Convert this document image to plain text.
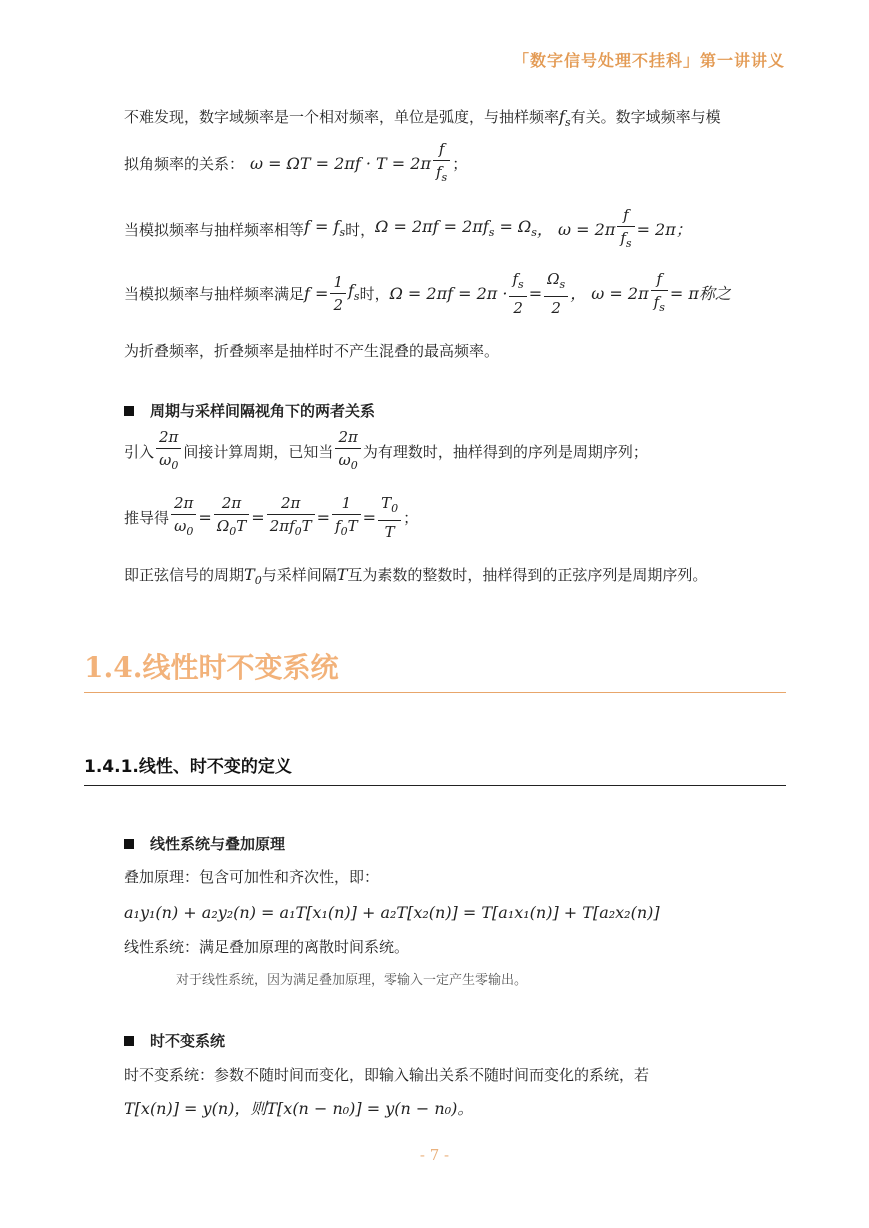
「数字信号处理不挂科」第一讲讲义

不难发现，数字域频率是一个相对频率，单位是弧度，与抽样频率$f_s$有关。数字域频率与模

拟角频率的关系： $\omega = \Omega T = 2\pi f \cdot T = 2\pi \frac{f}{f_s}$ ；

当模拟频率与抽样频率相等 $f = f_s$ 时， $\Omega = 2\pi f = 2\pi f_s = \Omega_s$ ， $\omega = 2\pi \frac{f}{f_s} = 2\pi$；

当模拟频率与抽样频率满足 $f = \frac{1}{2} f_s$ 时， $\Omega = 2\pi f = 2\pi \cdot \frac{f_s}{2} = \frac{\Omega_s}{2}$ ， $\omega = 2\pi \frac{f}{f_s} = \pi$称之

为折叠频率，折叠频率是抽样时不产生混叠的最高频率。

周期与采样间隔视角下的两者关系

引入 $\frac{2\pi}{\omega_0}$ 间接计算周期，已知当 $\frac{2\pi}{\omega_0}$ 为有理数时，抽样得到的序列是周期序列；

推导得 $\frac{2\pi}{\omega_0} = \frac{2\pi}{\Omega_0T} = \frac{2\pi}{2\pi f_0T} = \frac{1}{f_0T} = \frac{T_0}{T}$ ；

即正弦信号的周期$T_0$与采样间隔T互为素数的整数时，抽样得到的正弦序列是周期序列。

1.4.线性时不变系统
1.4.1.线性、时不变的定义
线性系统与叠加原理

叠加原理：包含可加性和齐次性，即：

a₁y₁(n) + a₂y₂(n) = a₁T[x₁(n)] + a₂T[x₂(n)] = T[a₁x₁(n)] + T[a₂x₂(n)]

线性系统：满足叠加原理的离散时间系统。

对于线性系统，因为满足叠加原理，零输入一定产生零输出。

时不变系统

时不变系统：参数不随时间而变化，即输入输出关系不随时间而变化的系统，若

T[x(n)] = y(n)，则T[x(n − n₀)] = y(n − n₀)。

- 7 -
